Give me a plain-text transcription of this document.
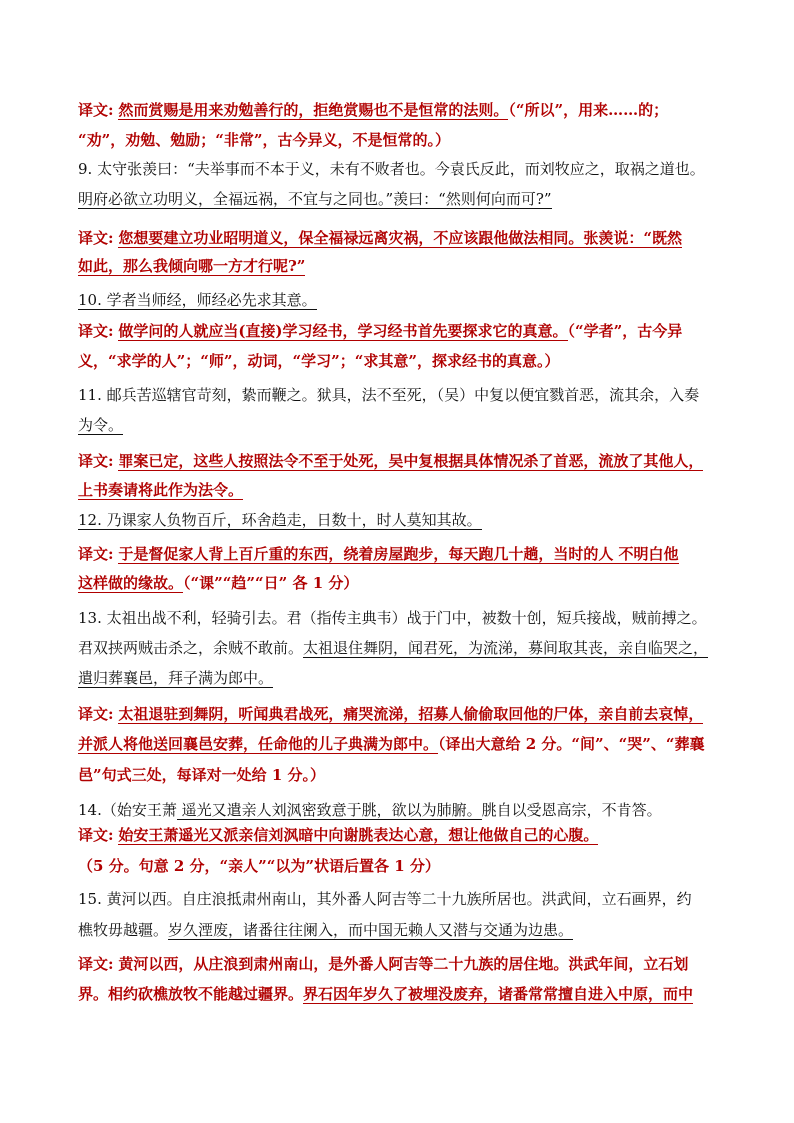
译文: 然而赏赐是用来劝勉善行的，拒绝赏赐也不是恒常的法则。（“所以”，用来……的；
“劝”，劝勉、勉励；“非常”，古今异义，不是恒常的。）
9. 太守张羡曰：“夫举事而不本于义，未有不败者也。今袁氏反此，而刘牧应之，取祸之道也。
明府必欲立功明义，全福远祸，不宜与之同也。”羡曰：“然则何向而可?”
译文: 您想要建立功业昭明道义，保全福禄远离灾祸，不应该跟他做法相同。张羡说：“既然
如此，那么我倾向哪一方才行呢?”
10. 学者当师经，师经必先求其意。
译文: 做学问的人就应当(直接)学习经书，学习经书首先要探求它的真意。（“学者”，古今异
义，“求学的人”；“师”，动词，“学习”；“求其意”，探求经书的真意。）
11. 邮兵苦巡辖官苛刻，絷而鞭之。狱具，法不至死，（吴）中复以便宜戮首恶，流其余，入奏
为令。
译文: 罪案已定，这些人按照法令不至于处死，吴中复根据具体情况杀了首恶，流放了其他人，
上书奏请将此作为法令。
12. 乃课家人负物百斤，环舍趋走，日数十，时人莫知其故。
译文: 于是督促家人背上百斤重的东西，绕着房屋跑步，每天跑几十趟，当时的人 不明白他
这样做的缘故。（“课”“趋”“日” 各 1 分）
13. 太祖出战不利，轻骑引去。君（指传主典韦）战于门中，被数十创，短兵接战，贼前搏之。
君双挟两贼击杀之，余贼不敢前。太祖退住舞阴，闻君死，为流涕，募间取其丧，亲自临哭之，
遣归葬襄邑，拜子满为郎中。
译文: 太祖退驻到舞阴，听闻典君战死，痛哭流涕，招募人偷偷取回他的尸体，亲自前去哀悼，
并派人将他送回襄邑安葬，任命他的儿子典满为郎中。（译出大意给 2 分。“间”、“哭”、“葬襄
邑”句式三处，每译对一处给 1 分。）
14.（始安王萧 遥光又遣亲人刘沨密致意于朓，欲以为肺腑。朓自以受恩高宗，不肯答。
译文: 始安王萧遥光又派亲信刘沨暗中向谢朓表达心意，想让他做自己的心腹。
（5 分。句意 2 分，“亲人”“以为”状语后置各 1 分）
15. 黄河以西。自庄浪抵肃州南山，其外番人阿吉等二十九族所居也。洪武间，立石画界，约
樵牧毋越疆。岁久湮废，诸番往往阑入，而中国无赖人又潜与交通为边患。
译文: 黄河以西，从庄浪到肃州南山，是外番人阿吉等二十九族的居住地。洪武年间，立石划
界。相约砍樵放牧不能越过疆界。界石因年岁久了被埋没废弃，诸番常常擅自进入中原，而中
